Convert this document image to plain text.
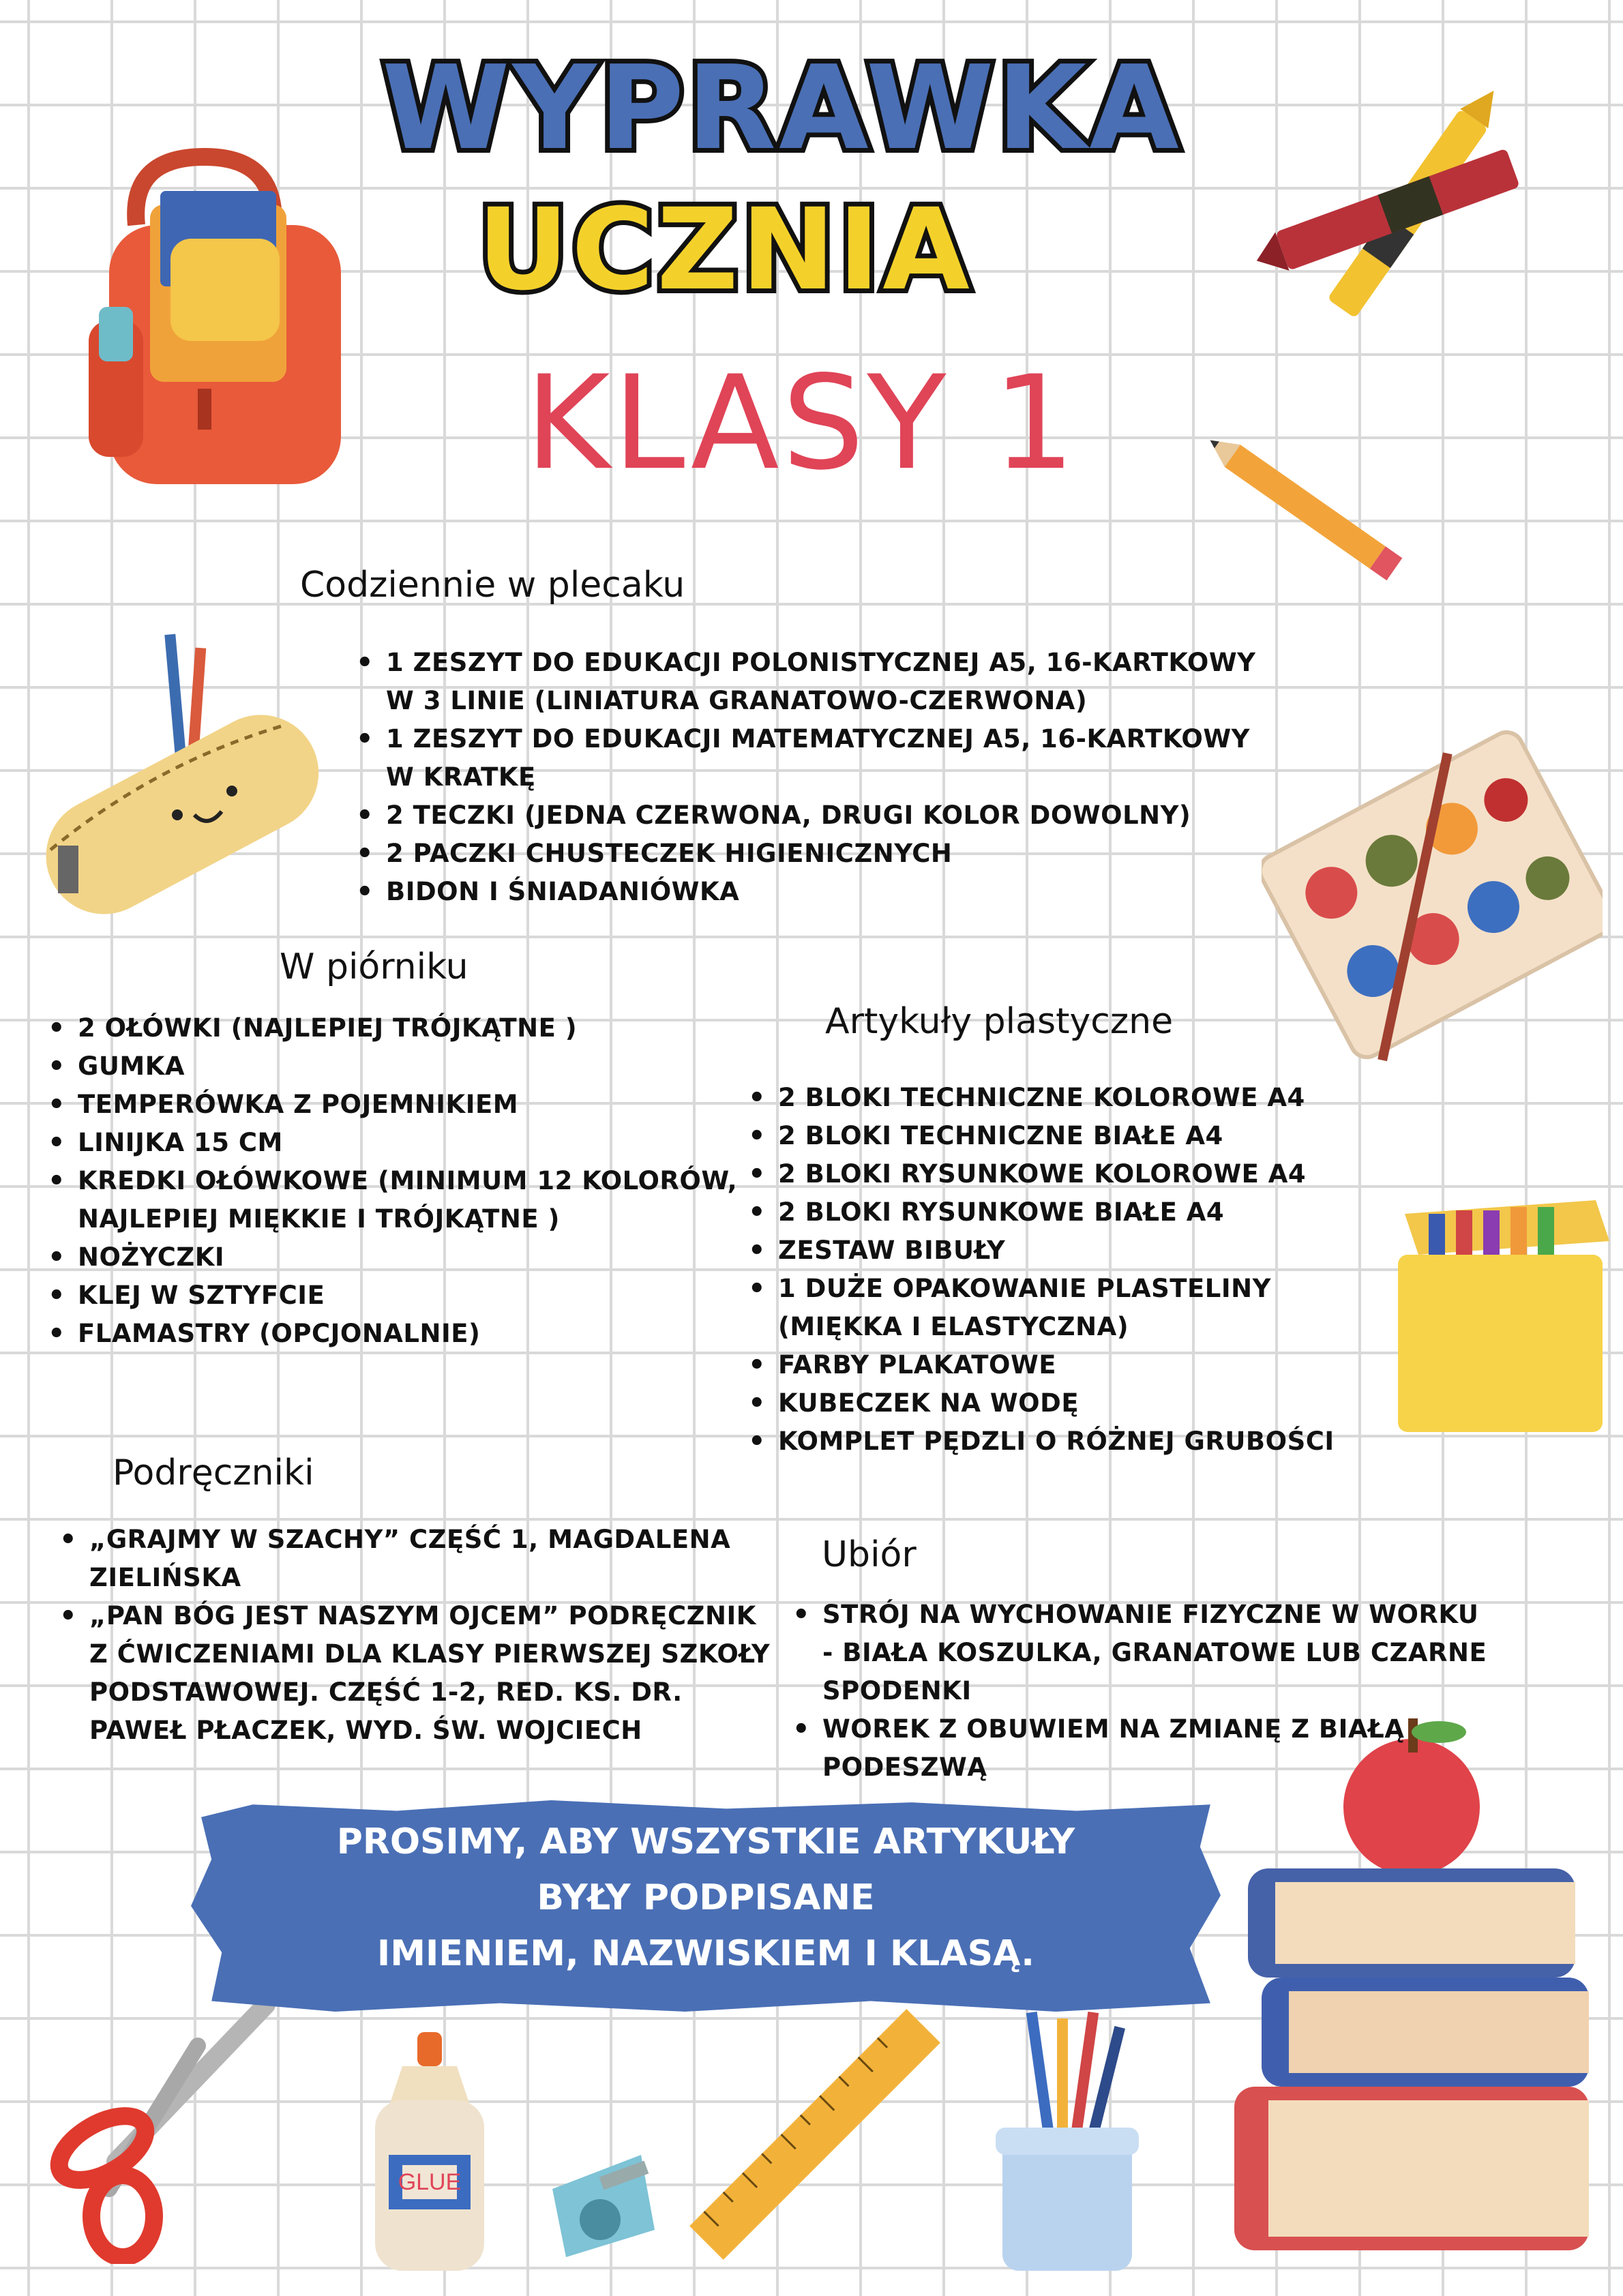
WYPRAWKA
UCZNIA
KLASY 1
GLUE
Codziennie w plecaku
• 1 ZESZYT DO EDUKACJI POLONISTYCZNEJ A5, 16-KARTKOWY
W 3 LINIE (LINIATURA GRANATOWO-CZERWONA)
• 1 ZESZYT DO EDUKACJI MATEMATYCZNEJ A5, 16-KARTKOWY
W KRATKĘ
• 2 TECZKI (JEDNA CZERWONA, DRUGI KOLOR DOWOLNY)
• 2 PACZKI CHUSTECZEK HIGIENICZNYCH
• BIDON I ŚNIADANIÓWKA
W piórniku
• 2 OŁÓWKI (NAJLEPIEJ TRÓJKĄTNE )
• GUMKA
• TEMPERÓWKA Z POJEMNIKIEM
• LINIJKA 15 CM
• KREDKI OŁÓWKOWE (MINIMUM 12 KOLORÓW,
NAJLEPIEJ MIĘKKIE I TRÓJKĄTNE )
• NOŻYCZKI
• KLEJ W SZTYFCIE
• FLAMASTRY (OPCJONALNIE)
Artykuły plastyczne
• 2 BLOKI TECHNICZNE KOLOROWE A4
• 2 BLOKI TECHNICZNE BIAŁE A4
• 2 BLOKI RYSUNKOWE KOLOROWE A4
• 2 BLOKI RYSUNKOWE BIAŁE A4
• ZESTAW BIBUŁY
• 1 DUŻE OPAKOWANIE PLASTELINY
(MIĘKKA I ELASTYCZNA)
• FARBY PLAKATOWE
• KUBECZEK NA WODĘ
• KOMPLET PĘDZLI O RÓŻNEJ GRUBOŚCI
Podręczniki
• „GRAJMY W SZACHY” CZĘŚĆ 1, MAGDALENA
ZIELIŃSKA
• „PAN BÓG JEST NASZYM OJCEM” PODRĘCZNIK
Z ĆWICZENIAMI DLA KLASY PIERWSZEJ SZKOŁY
PODSTAWOWEJ. CZĘŚĆ 1-2, RED. KS. DR.
PAWEŁ PŁACZEK, WYD. ŚW. WOJCIECH
Ubiór
• STRÓJ NA WYCHOWANIE FIZYCZNE W WORKU
- BIAŁA KOSZULKA, GRANATOWE LUB CZARNE
SPODENKI
• WOREK Z OBUWIEM NA ZMIANĘ Z BIAŁĄ
PODESZWĄ
PROSIMY, ABY WSZYSTKIE ARTYKUŁY
BYŁY PODPISANE
IMIENIEM, NAZWISKIEM I KLASĄ.
